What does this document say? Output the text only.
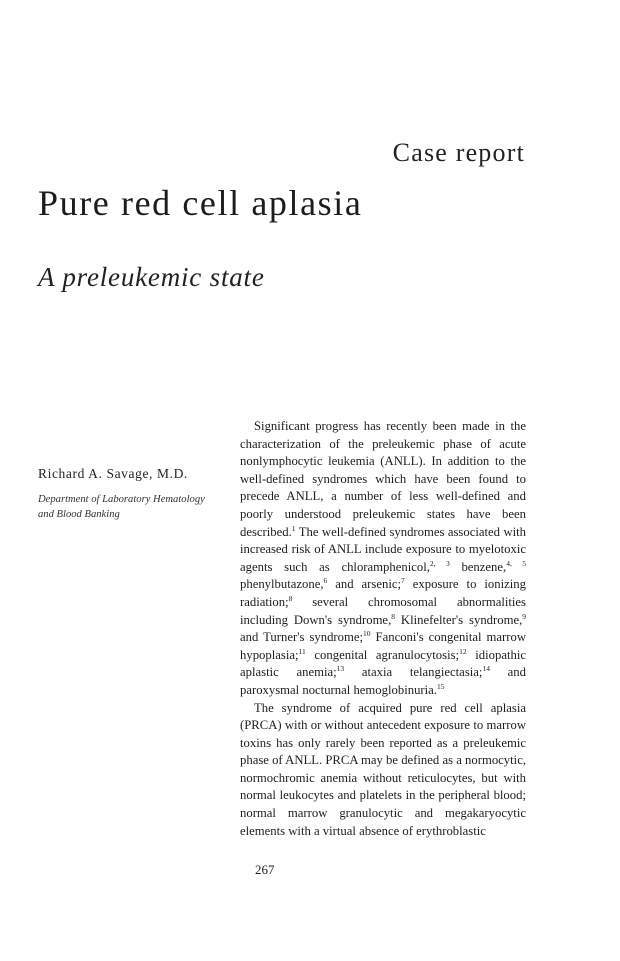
Case report
Pure red cell aplasia
A preleukemic state

Richard A. Savage, M.D.

Department of Laboratory Hematology
and Blood Banking

Significant progress has recently been made in the characterization of the preleukemic phase of acute nonlymphocytic leukemia (ANLL). In addition to the well-defined syndromes which have been found to precede ANLL, a number of less well-defined and poorly understood preleukemic states have been described.$^1$ The well-defined syndromes associated with increased risk of ANLL include exposure to myelotoxic agents such as chloramphenicol,$^{2, 3}$ benzene,$^{4, 5}$ phenylbutazone,$^6$ and arsenic;$^7$ exposure to ionizing radiation;$^8$ several chromosomal abnormalities including Down's syndrome,$^8$ Klinefelter's syndrome,$^9$ and Turner's syndrome;$^{10}$ Fanconi's congenital marrow hypoplasia;$^{11}$ congenital agranulocytosis;$^{12}$ idiopathic aplastic anemia;$^{13}$ ataxia telangiectasia;$^{14}$ and paroxysmal nocturnal hemoglobinuria.$^{15}$

The syndrome of acquired pure red cell aplasia (PRCA) with or without antecedent exposure to marrow toxins has only rarely been reported as a preleukemic phase of ANLL. PRCA may be defined as a normocytic, normochromic anemia without reticulocytes, but with normal leukocytes and platelets in the peripheral blood; normal marrow granulocytic and megakaryocytic elements with a virtual absence of erythroblastic

267
